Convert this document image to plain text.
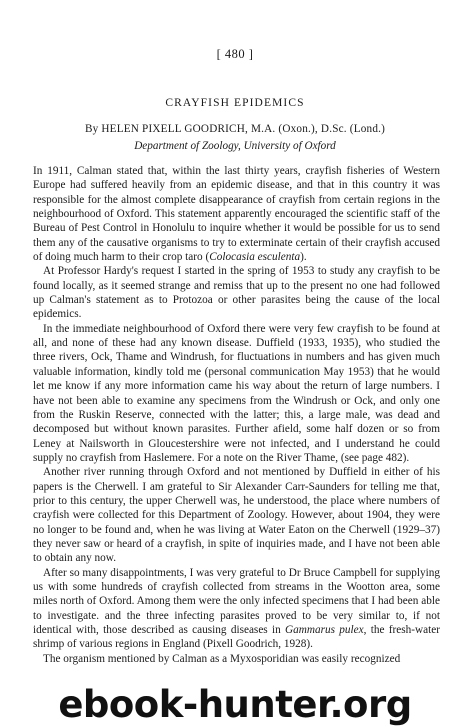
[ 480 ]
CRAYFISH EPIDEMICS
By HELEN PIXELL GOODRICH, M.A. (Oxon.), D.Sc. (Lond.)
Department of Zoology, University of Oxford

In 1911, Calman stated that, within the last thirty years, crayfish fisheries of Western Europe had suffered heavily from an epidemic disease, and that in this country it was responsible for the almost complete disappearance of crayfish from certain regions in the neighbourhood of Oxford. This statement apparently encouraged the scientific staff of the Bureau of Pest Control in Honolulu to inquire whether it would be possible for us to send them any of the causative organisms to try to exterminate certain of their crayfish accused of doing much harm to their crop taro (Colocasia esculenta).

At Professor Hardy's request I started in the spring of 1953 to study any crayfish to be found locally, as it seemed strange and remiss that up to the present no one had followed up Calman's statement as to Protozoa or other parasites being the cause of the local epidemics.

In the immediate neighbourhood of Oxford there were very few crayfish to be found at all, and none of these had any known disease. Duffield (1933, 1935), who studied the three rivers, Ock, Thame and Windrush, for fluctuations in numbers and has given much valuable information, kindly told me (personal communication May 1953) that he would let me know if any more information came his way about the return of large numbers. I have not been able to examine any specimens from the Windrush or Ock, and only one from the Ruskin Reserve, connected with the latter; this, a large male, was dead and decomposed but without known parasites. Further afield, some half dozen or so from Leney at Nailsworth in Gloucestershire were not infected, and I understand he could supply no crayfish from Haslemere. For a note on the River Thame, (see page 482).

Another river running through Oxford and not mentioned by Duffield in either of his papers is the Cherwell. I am grateful to Sir Alexander Carr-Saunders for telling me that, prior to this century, the upper Cherwell was, he understood, the place where numbers of crayfish were collected for this Department of Zoology. However, about 1904, they were no longer to be found and, when he was living at Water Eaton on the Cherwell (1929–37) they never saw or heard of a crayfish, in spite of inquiries made, and I have not been able to obtain any now.

After so many disappointments, I was very grateful to Dr Bruce Campbell for supplying us with some hundreds of crayfish collected from streams in the Wootton area, some miles north of Oxford. Among them were the only infected specimens that I had been able to investigate. and the three infecting parasites proved to be very similar to, if not identical with, those described as causing diseases in Gammarus pulex, the fresh-water shrimp of various regions in England (Pixell Goodrich, 1928).

The organism mentioned by Calman as a Myxosporidian was easily recognized

ebook-hunter.org
